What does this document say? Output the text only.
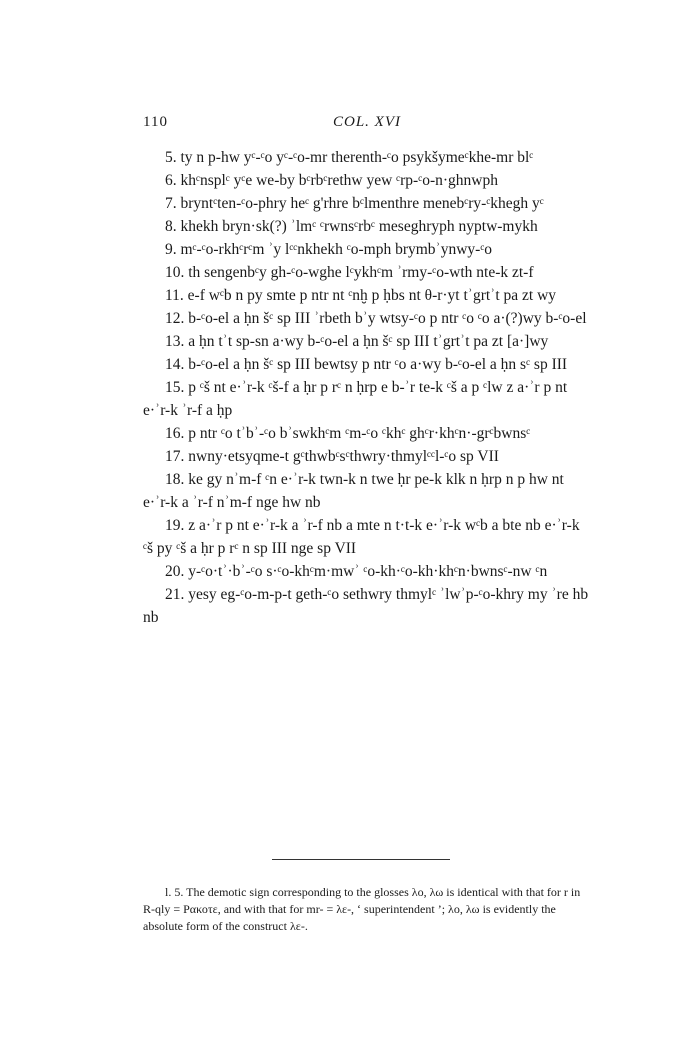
110	COL. XVI

5. ty n p-hw yᶜ-ᶜo yᶜ-ᶜo-mr therenth-ᶜo psykšymeᶜkhe-mr blᶜ

6. khᶜnsplᶜ yᶜe we-by bᶜrbᶜrethw yew ᶜrp-ᶜo-n·ghnwph

7. bryntᶜten-ᶜo-phry heᶜ g'rhre bᶜlmenthre menebᶜry-ᶜkhegh yᶜ

8. khekh bryn·sk(?) ʾlmᶜ ᶜrwnsᶜrbᶜ meseghryph nyptw-mykh

9. mᶜ-ᶜo-rkhᶜrᶜm ʾy lᶜᶜnkhekh ᶜo-mph brymbʾynwy-ᶜo

10. th sengenbᶜy gh-ᶜo-wghe lᶜykhᶜm ʾrmy-ᶜo-wth nte-k zt-f

11. e-f wᶜb n py smte p ntr nt ᶜnḫ p ḥbs nt θ-r·yt tʾgrtʾt pa zt wy

12. b-ᶜo-el a ḥn šᶜ sp III ʾrbeth bʾy wtsy-ᶜo p ntr ᶜo ᶜo a·(?)wy b-ᶜo-el

13. a ḥn tʾt sp-sn a·wy b-ᶜo-el a ḥn šᶜ sp III tʾgrtʾt pa zt [a·]wy

14. b-ᶜo-el a ḥn šᶜ sp III bewtsy p ntr ᶜo a·wy b-ᶜo-el a ḥn sᶜ sp III

15. p ᶜš nt e·ʾr-k ᶜš-f a ḥr p rᶜ n ḥrp e b-ʾr te-k ᶜš a p ᶜlw z a·ʾr p nt e·ʾr-k ʾr-f a ḥp

16. p ntr ᶜo tʾbʾ-ᶜo bʾswkhᶜm ᶜm-ᶜo ᶜkhᶜ ghᶜr·khᶜn·-grᶜbwnsᶜ

17. nwny·etsyqme-t gᶜthwbᶜsᶜthwry·thmylᶜᶜl-ᶜo sp VII

18. ke gy nʾm-f ᶜn e·ʾr-k twn-k n twe ḥr pe-k klk n ḥrp n p hw nt e·ʾr-k a ʾr-f nʾm-f nge hw nb

19. z a·ʾr p nt e·ʾr-k a ʾr-f nb a mte n t·t-k e·ʾr-k wᶜb a bte nb e·ʾr-k ᶜš py ᶜš a ḥr p rᶜ n sp III nge sp VII

20. y-ᶜo·tʾ·bʾ-ᶜo s·ᶜo-khᶜm·mwʾ ᶜo-kh·ᶜo-kh·khᶜn·bwnsᶜ-nw ᶜn

21. yesy eg-ᶜo-m-p-t geth-ᶜo sethwry thmylᶜ ʾlwʾp-ᶜo-khry my ʾre hb nb

l. 5. The demotic sign corresponding to the glosses λο, λω is identical with that for r in R-qly = Ρακοτε, and with that for mr- = λε-, ‘ superintendent ’; λο, λω is evidently the absolute form of the construct λε-.
